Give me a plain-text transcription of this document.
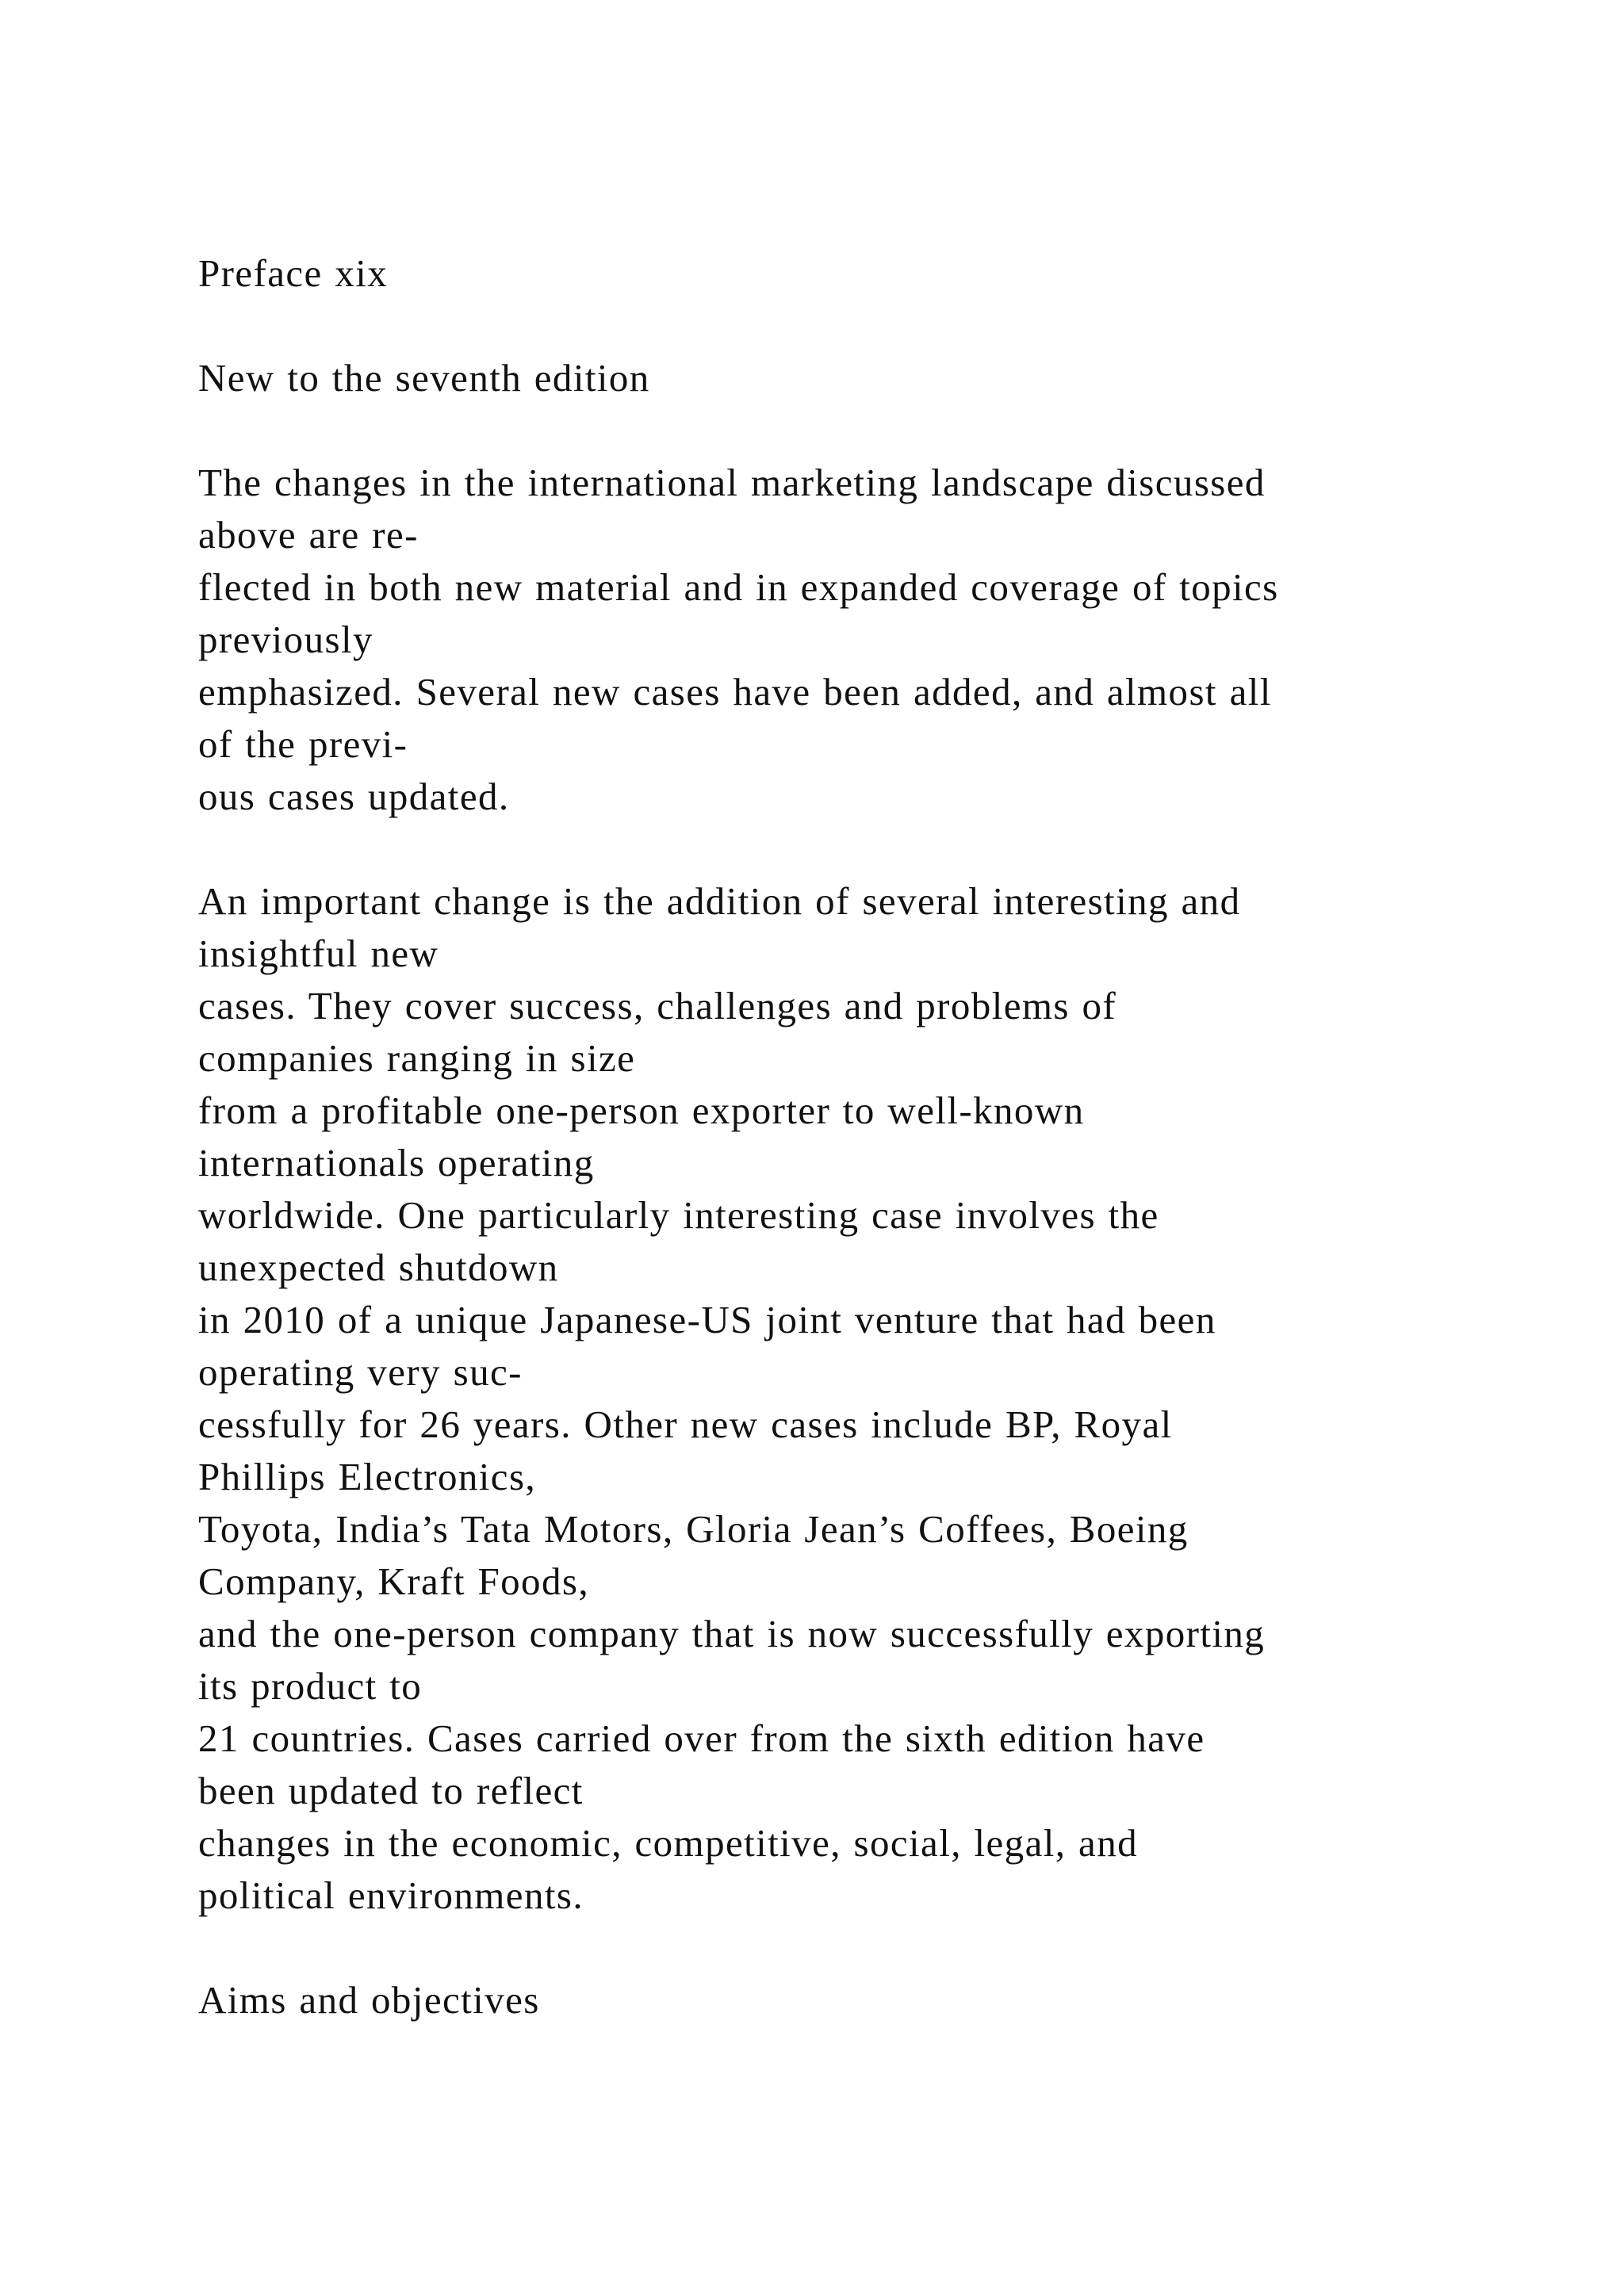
Preface xix
New to the seventh edition
The changes in the international marketing landscape discussed
above are re-
flected in both new material and in expanded coverage of topics
previously
emphasized. Several new cases have been added, and almost all
of the previ-
ous cases updated.
An important change is the addition of several interesting and
insightful new
cases. They cover success, challenges and problems of
companies ranging in size
from a profitable one-person exporter to well-known
internationals operating
worldwide. One particularly interesting case involves the
unexpected shutdown
in 2010 of a unique Japanese-US joint venture that had been
operating very suc-
cessfully for 26 years. Other new cases include BP, Royal
Phillips Electronics,
Toyota, India’s Tata Motors, Gloria Jean’s Coffees, Boeing
Company, Kraft Foods,
and the one-person company that is now successfully exporting
its product to
21 countries. Cases carried over from the sixth edition have
been updated to reflect
changes in the economic, competitive, social, legal, and
political environments.
Aims and objectives
